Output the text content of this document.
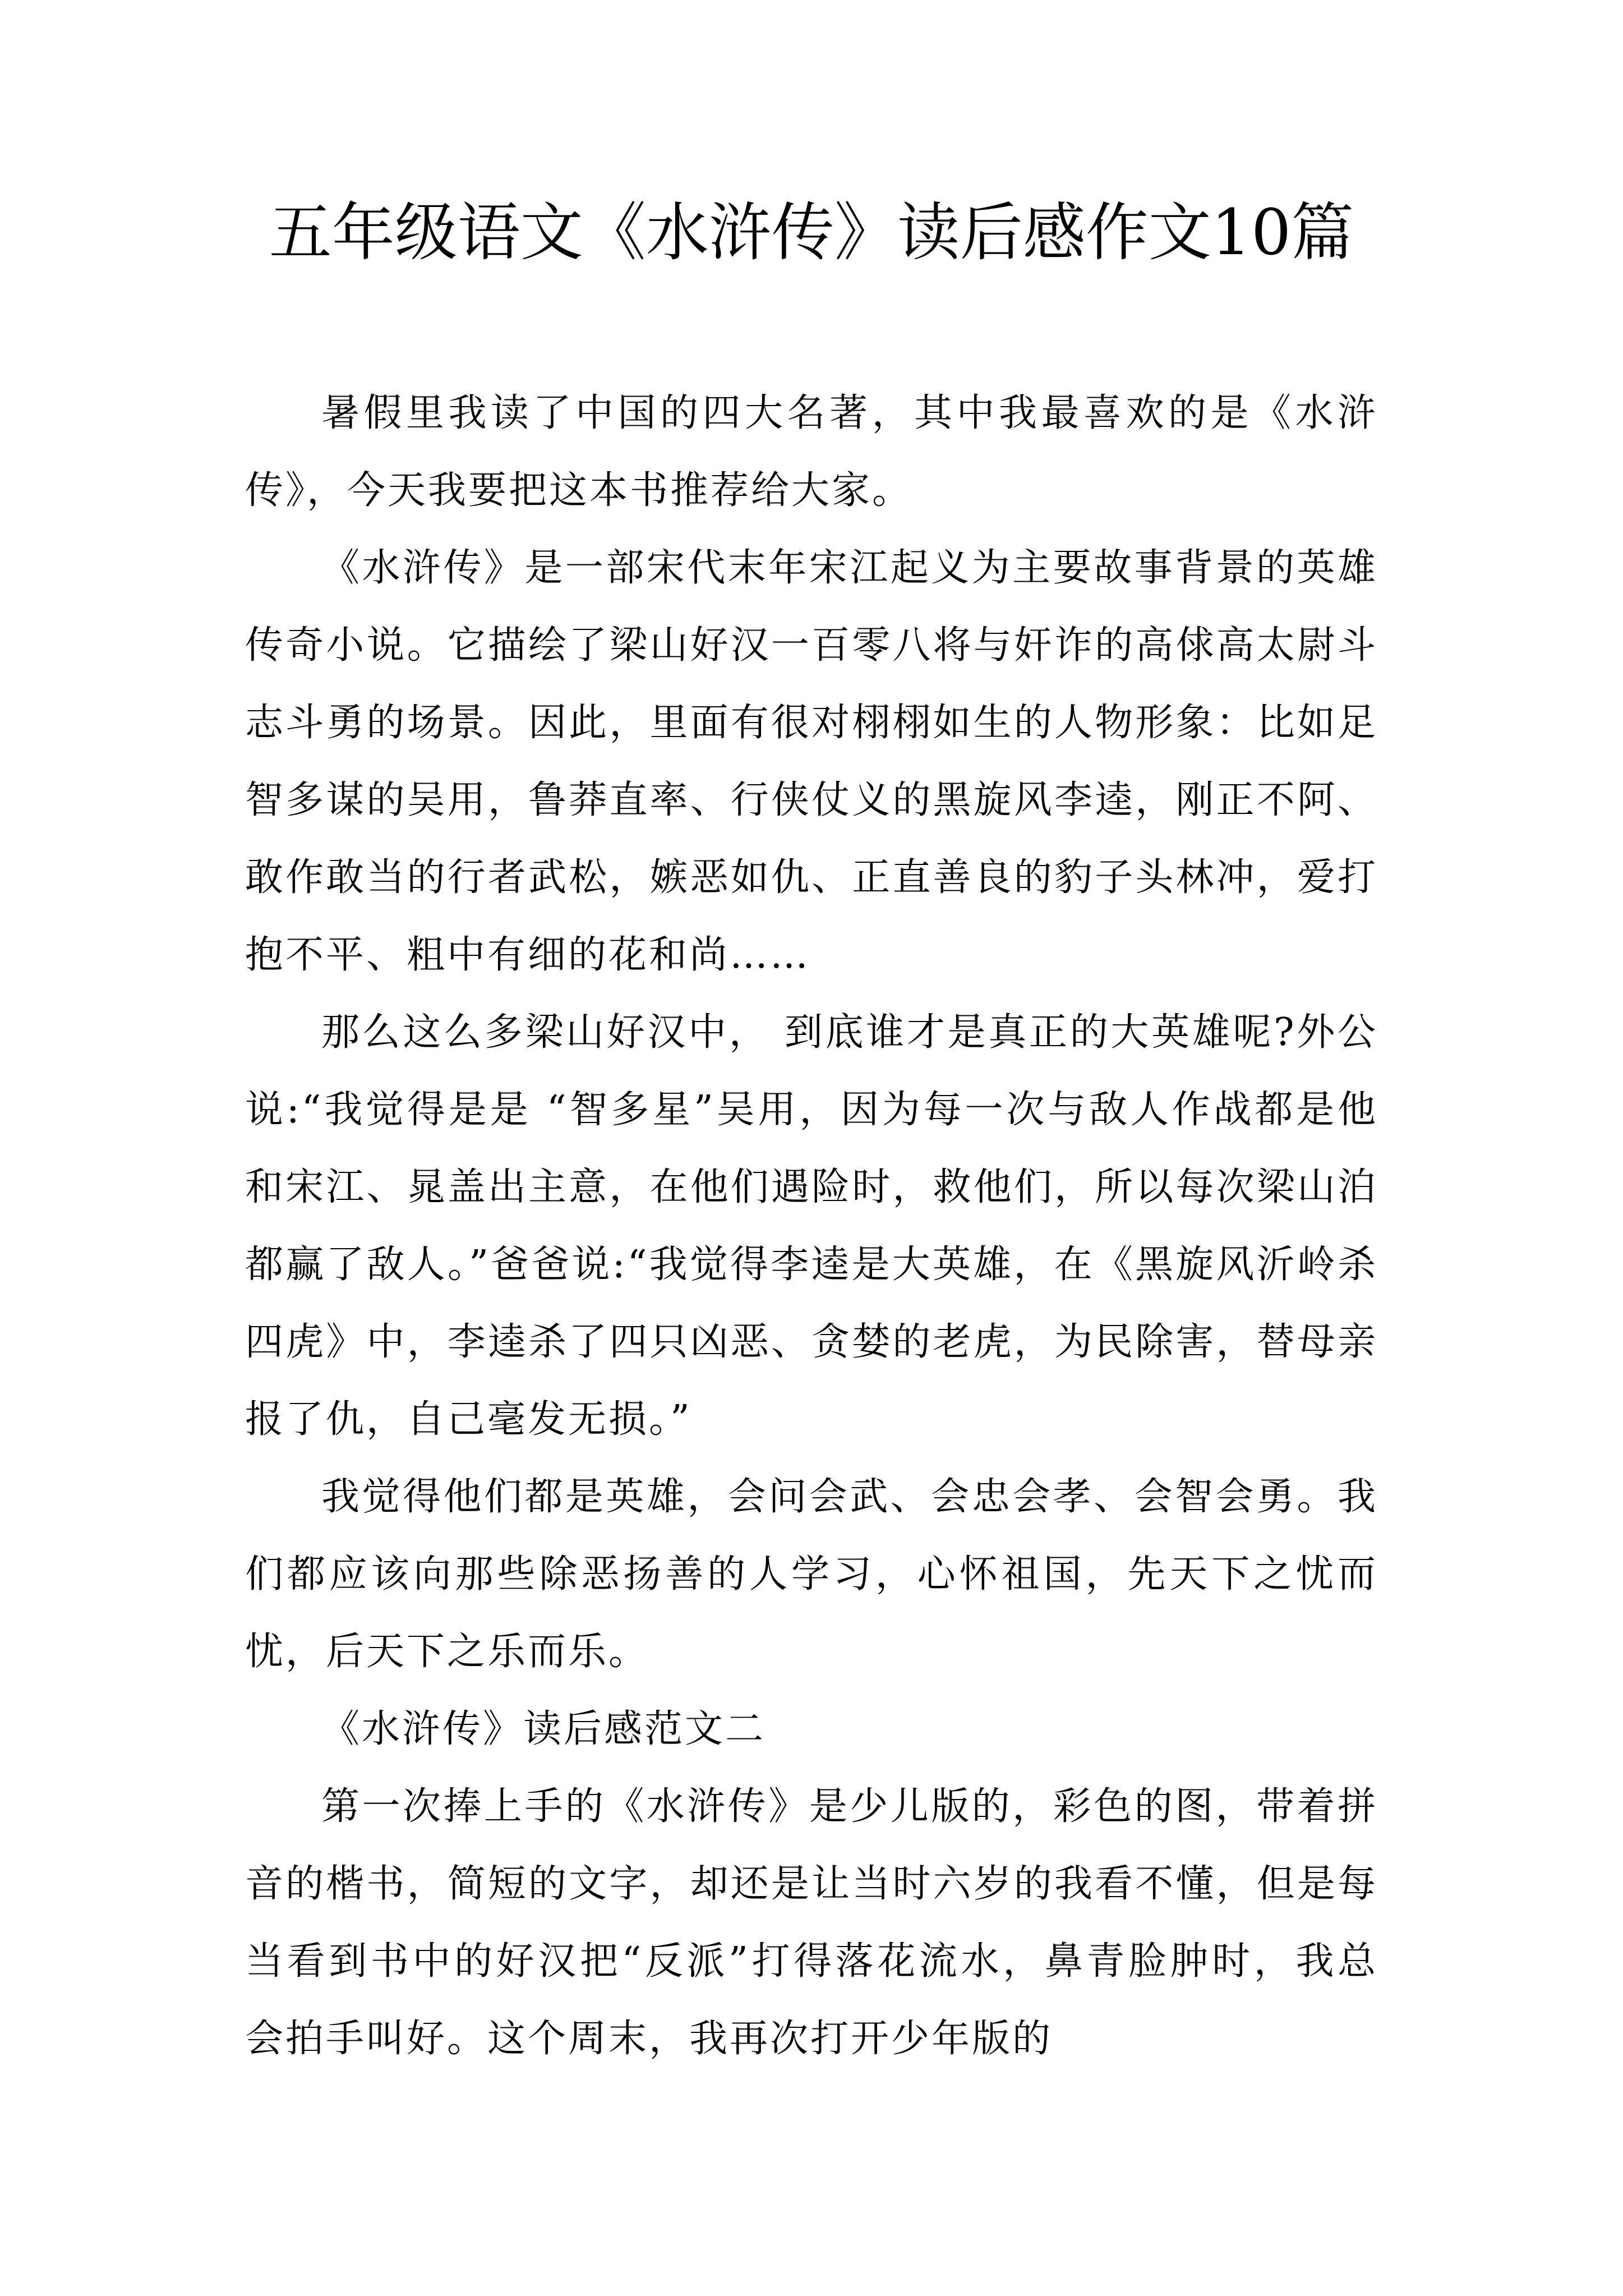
五年级语文《水浒传》读后感作文10篇

暑假里我读了中国的四大名著，其中我最喜欢的是《水浒传》，今天我要把这本书推荐给大家。

《水浒传》是一部宋代末年宋江起义为主要故事背景的英雄传奇小说。它描绘了梁山好汉一百零八将与奸诈的高俅高太尉斗志斗勇的场景。因此，里面有很对栩栩如生的人物形象：比如足智多谋的吴用，鲁莽直率、行侠仗义的黑旋风李逵，刚正不阿、敢作敢当的行者武松，嫉恶如仇、正直善良的豹子头林冲，爱打抱不平、粗中有细的花和尚……

那么这么多梁山好汉中， 到底谁才是真正的大英雄呢?外公说:“我觉得是是 “智多星”吴用，因为每一次与敌人作战都是他和宋江、晁盖出主意，在他们遇险时，救他们，所以每次梁山泊都赢了敌人。”爸爸说:“我觉得李逵是大英雄，在《黑旋风沂岭杀四虎》中，李逵杀了四只凶恶、贪婪的老虎，为民除害，替母亲报了仇，自己毫发无损。”

我觉得他们都是英雄，会问会武、会忠会孝、会智会勇。我们都应该向那些除恶扬善的人学习，心怀祖国，先天下之忧而忧，后天下之乐而乐。

《水浒传》读后感范文二

第一次捧上手的《水浒传》是少儿版的，彩色的图，带着拼音的楷书，简短的文字，却还是让当时六岁的我看不懂，但是每当看到书中的好汉把“反派”打得落花流水，鼻青脸肿时，我总会拍手叫好。这个周末，我再次打开少年版的
